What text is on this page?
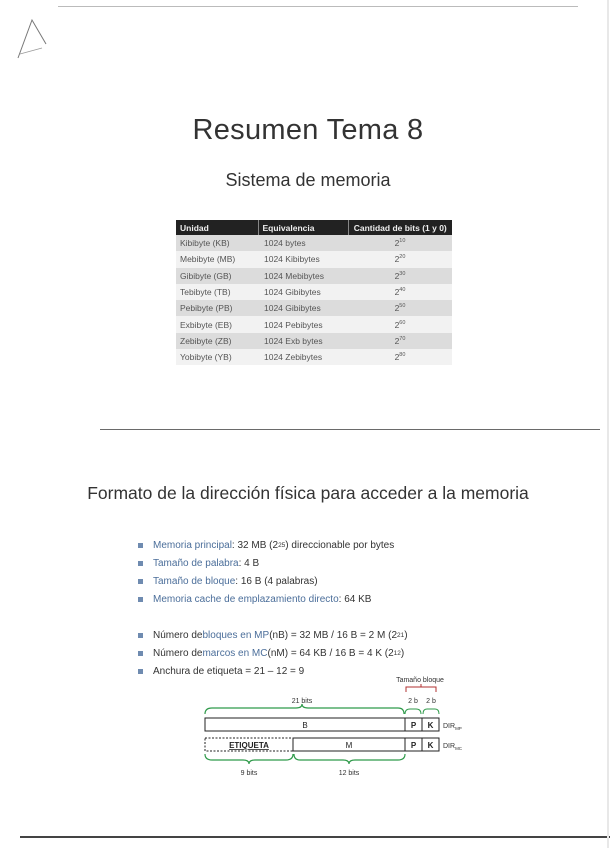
Resumen Tema 8
Sistema de memoria
Unidad	Equivalencia	Cantidad de bits (1 y 0)
Kibibyte (KB)	1024 bytes	$2^{10}$
Mebibyte (MB)	1024 Kibibytes	$2^{20}$
Gibibyte (GB)	1024 Mebibytes	$2^{30}$
Tebibyte (TB)	1024 Gibibytes	$2^{40}$
Pebibyte (PB)	1024 Gibibytes	$2^{50}$
Exbibyte (EB)	1024 Pebibytes	$2^{60}$
Zebibyte (ZB)	1024 Exb bytes	$2^{70}$
Yobibyte (YB)	1024 Zebibytes	$2^{80}$
Formato de la dirección física para acceder a la memoria
Memoria principal : 32 MB (2 25 ) direccionable por bytes
Tamaño de palabra : 4 B
Tamaño de bloque : 16 B (4 palabras)
Memoria cache de emplazamiento directo : 64 KB
Número de bloques en MP (nB) = 32 MB / 16 B = 2 M (2 21 )
Número de marcos en MC (nM) = 64 KB / 16 B = 4 K (2 12 )
Anchura de etiqueta = 21 – 12 = 9
Tamaño bloque
21 bits	2 b 2 b
B	P K $DIR_{MP}$
ETIQUETA	M	P K $DIR_{MC}$
9 bits	12 bits
